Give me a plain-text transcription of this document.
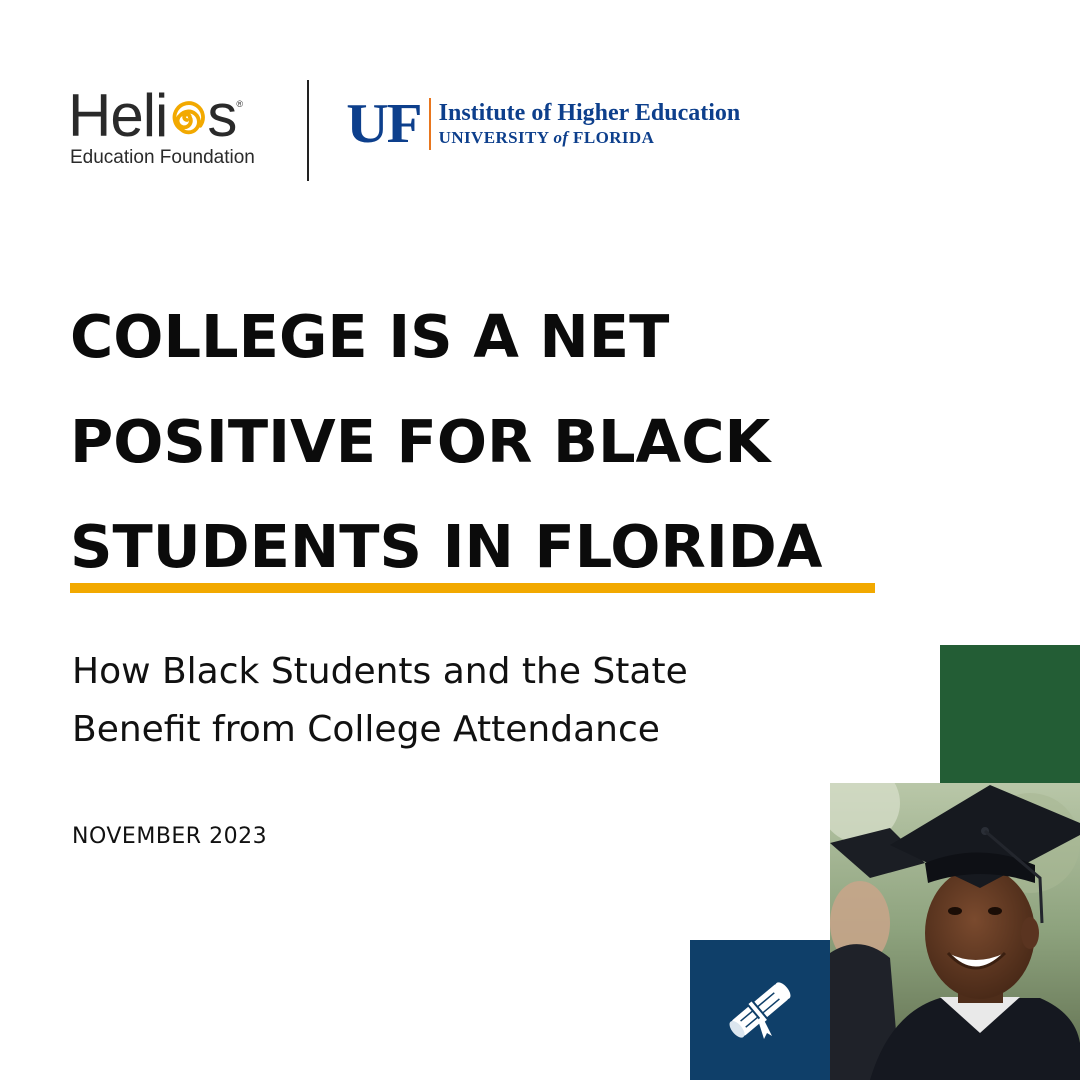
Heli s ®
Education Foundation
UF Institute of Higher Education
UNIVERSITY of FLORIDA
COLLEGE IS A NET
POSITIVE FOR BLACK
STUDENTS IN FLORIDA
How Black Students and the State
Benefit from College Attendance
NOVEMBER 2023
